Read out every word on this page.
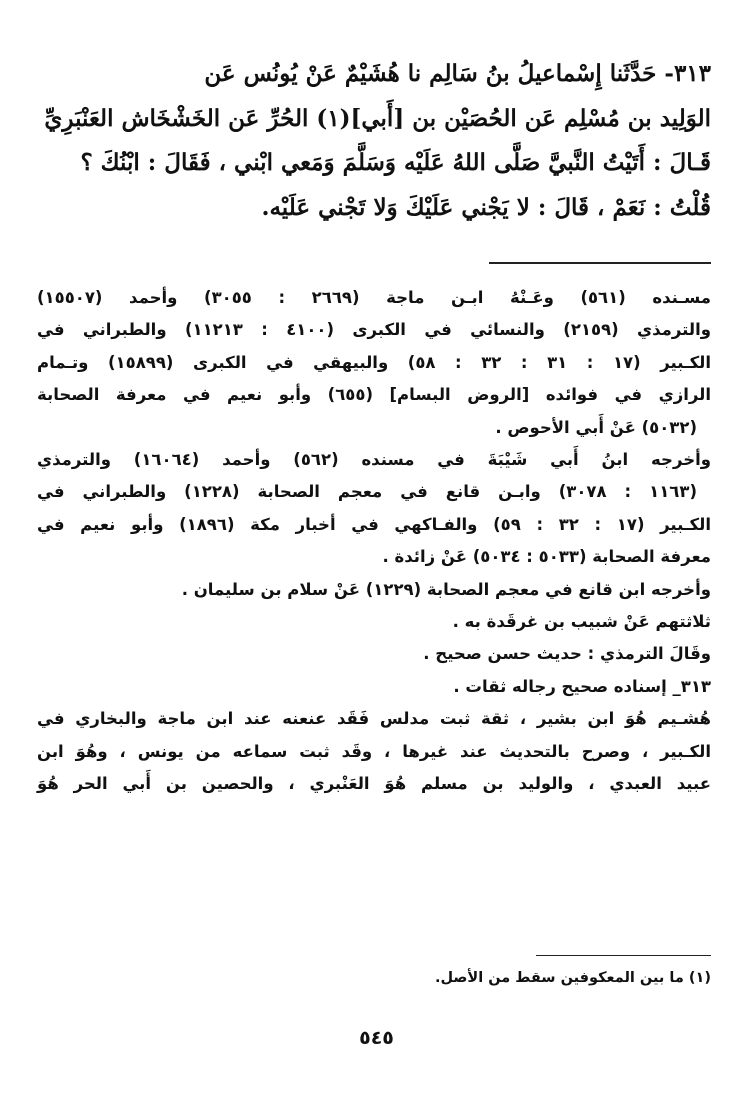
٣١٣- حَدَّثَنا إِسْماعيلُ بنُ سَالِم نا هُشَيْمٌ عَنْ يُونُس عَن

الوَلِيد بن مُسْلِم عَن الحُصَيْن بن [أَبي](١) الحُرِّ عَن الخَشْخَاش العَنْبَرِيِّ

قَـالَ : أَتَيْتُ النَّبيَّ صَلَّى اللهُ عَلَيْه وَسَلَّمَ وَمَعي ابْني ، فَقَالَ : ابْنُكَ ؟

قُلْتُ : نَعَمْ ، قَالَ : لا يَجْني عَلَيْكَ وَلا تَجْني عَلَيْه.

مسـنده (٥٦١) وعَـنْهُ ابـن ماجة (٢٦٦٩ : ٣٠٥٥) وأحمد (١٥٥٠٧)
والترمذي (٢١٥٩) والنسائي في الكبرى (٤١٠٠ : ١١٢١٣) والطبراني في
الكـبير (١٧ : ٣١ : ٣٢ : ٥٨) والبيهقي في الكبرى (١٥٨٩٩) وتـمام
الرازي في فوائده [الروض البسام] (٦٥٥) وأبو نعيم في معرفة الصحابة
(٥٠٣٢) عَنْ أَبي الأحوص .
وأخرجه ابنُ أَبي شَيْبَةَ في مسنده (٥٦٢) وأحمد (١٦٠٦٤) والترمذي
(١١٦٣ : ٣٠٧٨) وابـن قانع في معجم الصحابة (١٢٢٨) والطبراني في
الكـبير (١٧ : ٣٢ : ٥٩) والفـاكهي في أخبار مكة (١٨٩٦) وأبو نعيم في
معرفة الصحابة (٥٠٣٣ : ٥٠٣٤) عَنْ زائدة .
وأخرجه ابن قانع في معجم الصحابة (١٢٢٩) عَنْ سلام بن سليمان .
ثلاثتهم عَنْ شبيب بن غرقَدة به .
وقَالَ الترمذي : حديث حسن صحيح .
٣١٣_ إسناده صحيح رجاله ثقات .
هُشـيم هُوَ ابن بشير ، ثقة ثبت مدلس فَقَد عنعنه عند ابن ماجة والبخاري في
الكـبير ، وصرح بالتحديث عند غيرها ، وقَد ثبت سماعه من يونس ، وهُوَ ابن
عبيد العبدي ، والوليد بن مسلم هُوَ العَنْبري ، والحصين بن أَبي الحر هُوَ
(١) ما بين المعكوفين سقط من الأصل.
٥٤٥
